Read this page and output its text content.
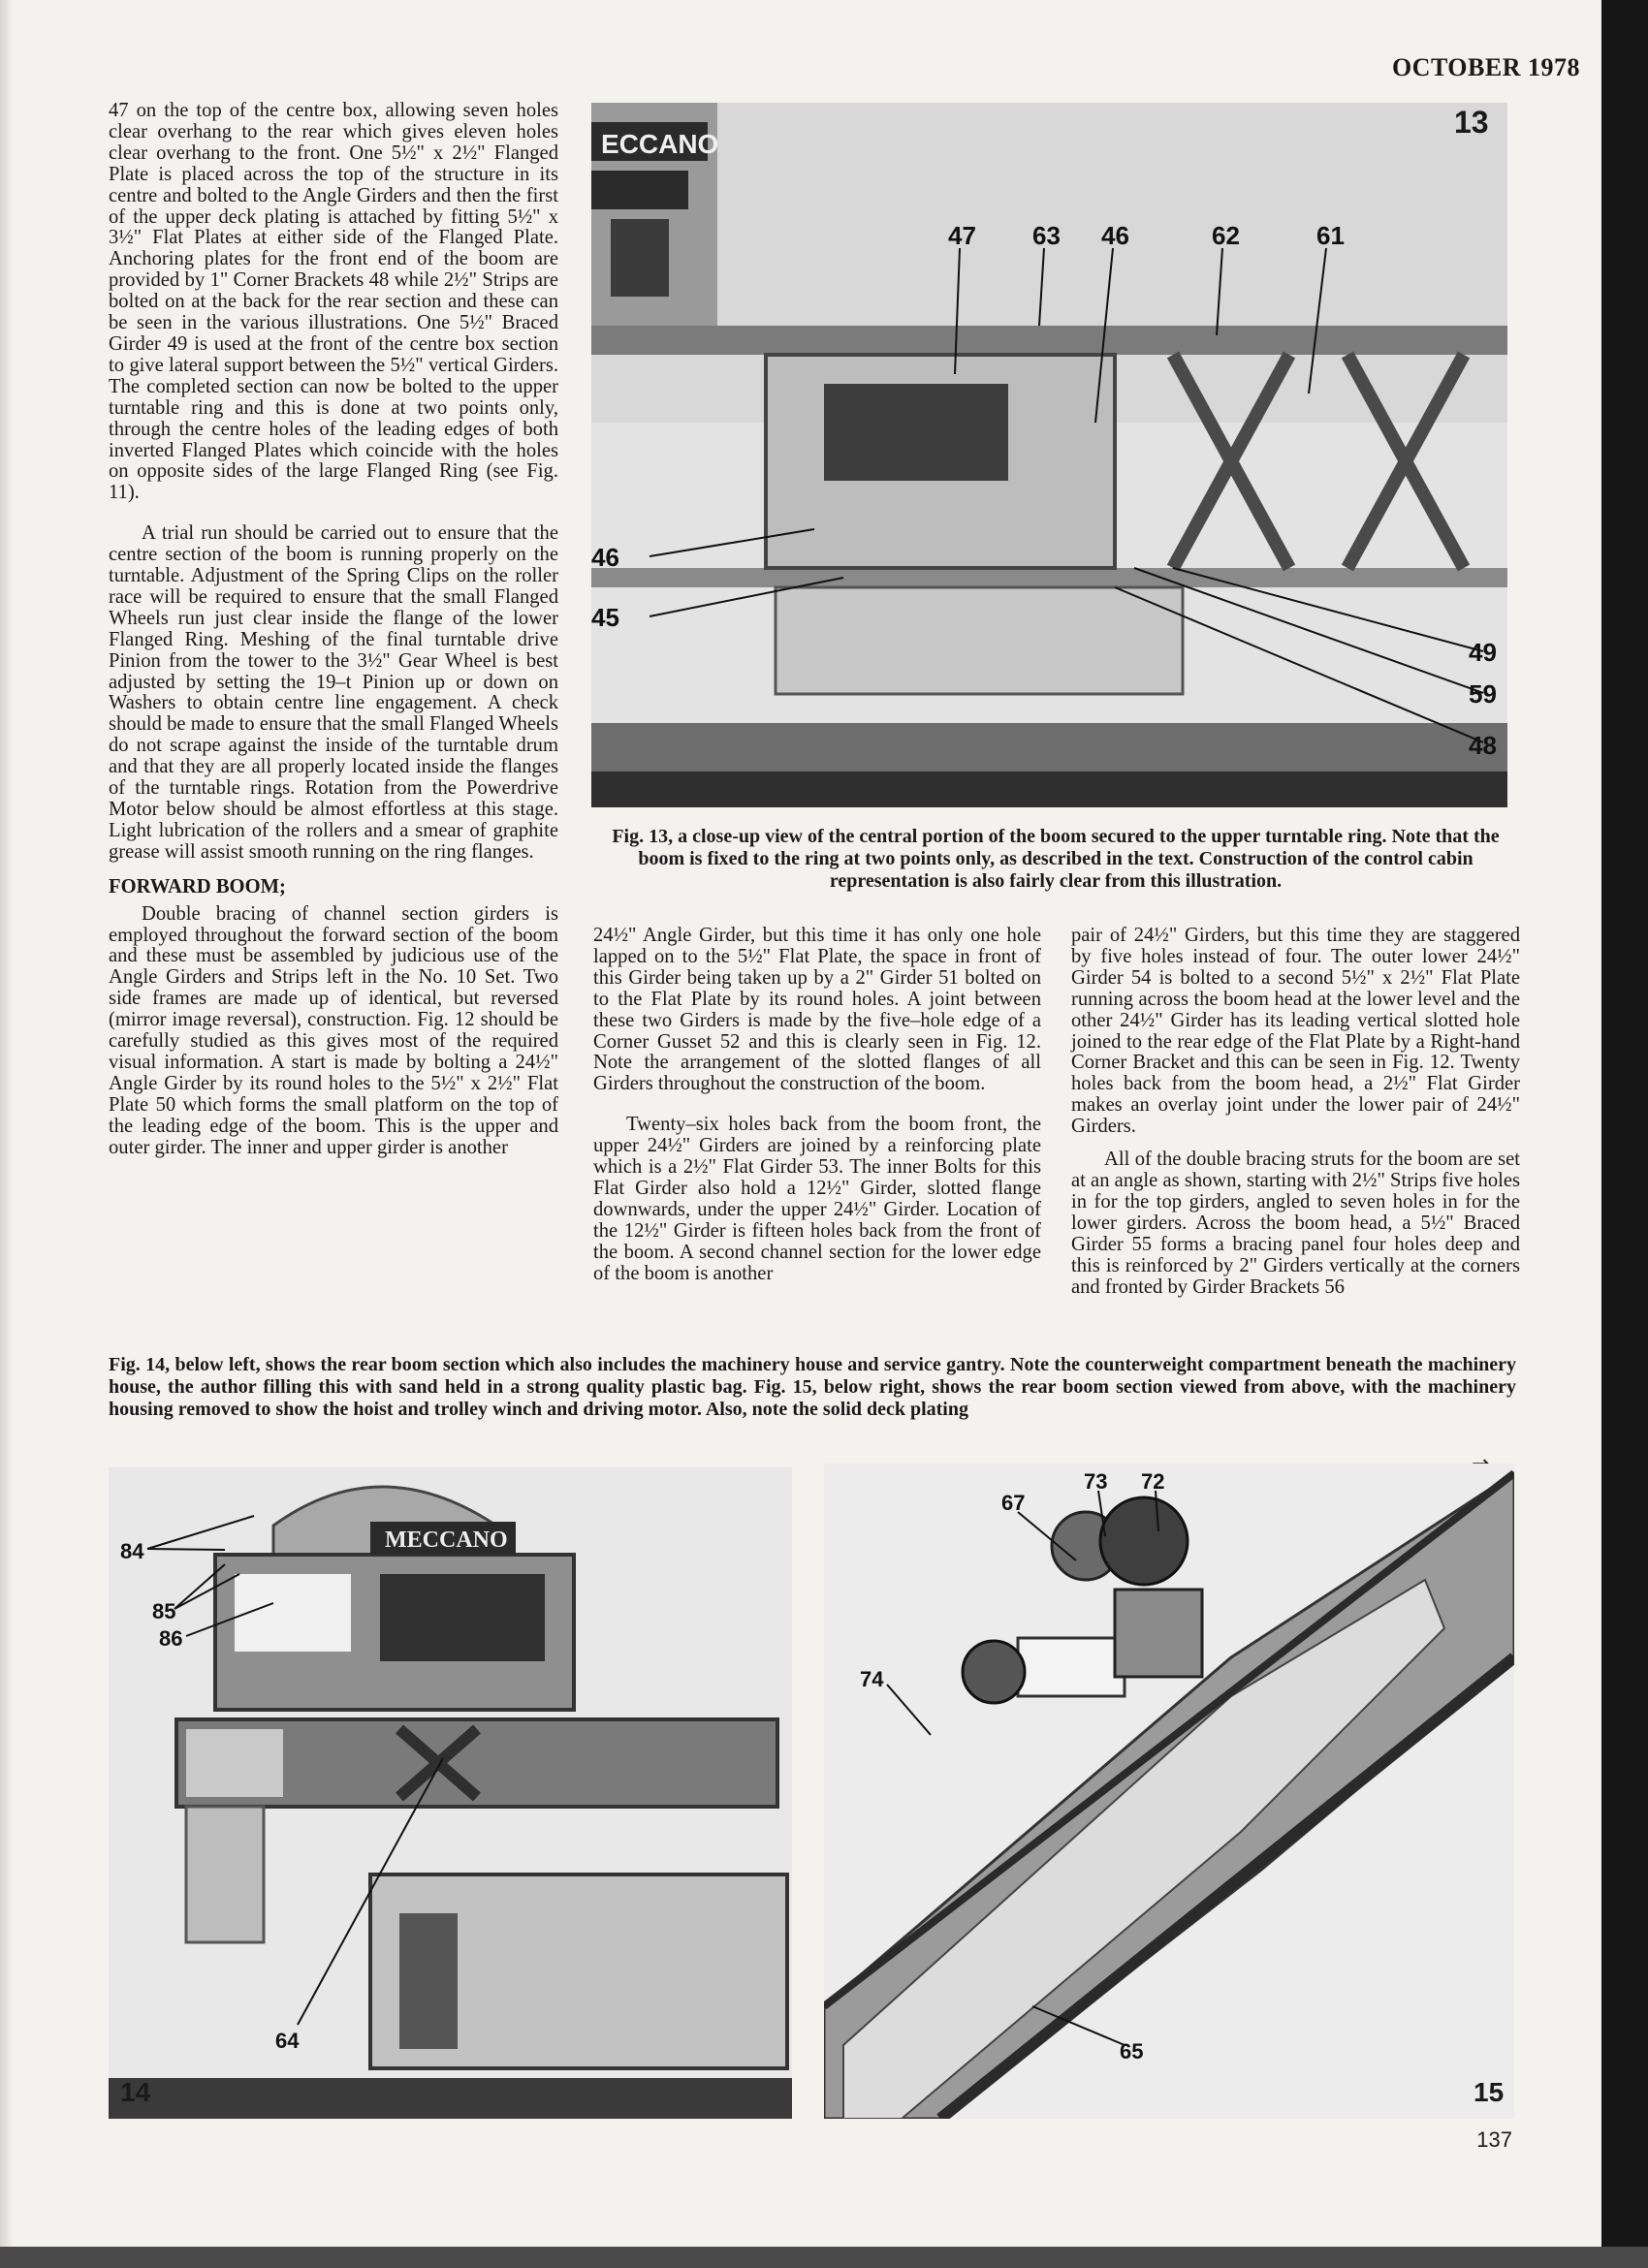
OCTOBER 1978

47 on the top of the centre box, allowing seven holes clear overhang to the rear which gives eleven holes clear overhang to the front. One 5½" x 2½" Flanged Plate is placed across the top of the structure in its centre and bolted to the Angle Girders and then the first of the upper deck plating is attached by fitting 5½" x 3½" Flat Plates at either side of the Flanged Plate. Anchoring plates for the front end of the boom are provided by 1" Corner Brackets 48 while 2½" Strips are bolted on at the back for the rear section and these can be seen in the various illustrations. One 5½" Braced Girder 49 is used at the front of the centre box section to give lateral support between the 5½" vertical Girders. The completed section can now be bolted to the upper turntable ring and this is done at two points only, through the centre holes of the leading edges of both inverted Flanged Plates which coincide with the holes on opposite sides of the large Flanged Ring (see Fig. 11).

A trial run should be carried out to ensure that the centre section of the boom is running properly on the turntable. Adjustment of the Spring Clips on the roller race will be required to ensure that the small Flanged Wheels run just clear inside the flange of the lower Flanged Ring. Meshing of the final turntable drive Pinion from the tower to the 3½" Gear Wheel is best adjusted by setting the 19–t Pinion up or down on Washers to obtain centre line engagement. A check should be made to ensure that the small Flanged Wheels do not scrape against the inside of the turntable drum and that they are all properly located inside the flanges of the turntable rings. Rotation from the Powerdrive Motor below should be almost effortless at this stage. Light lubrication of the rollers and a smear of graphite grease will assist smooth running on the ring flanges.

FORWARD BOOM;

Double bracing of channel section girders is employed throughout the forward section of the boom and these must be assembled by judicious use of the Angle Girders and Strips left in the No. 10 Set. Two side frames are made up of identical, but reversed (mirror image reversal), construction. Fig. 12 should be carefully studied as this gives most of the required visual information. A start is made by bolting a 24½" Angle Girder by its round holes to the 5½" x 2½" Flat Plate 50 which forms the small platform on the top of the leading edge of the boom. This is the upper and outer girder. The inner and upper girder is another

ECCANO
47 63 46	62	61
46
45
49
59
48
13
Fig. 13, a close-up view of the central portion of the boom secured to the upper turntable ring. Note that the boom is fixed to the ring at two points only, as described in the text. Construction of the control cabin representation is also fairly clear from this illustration.

24½" Angle Girder, but this time it has only one hole lapped on to the 5½" Flat Plate, the space in front of this Girder being taken up by a 2" Girder 51 bolted on to the Flat Plate by its round holes. A joint between these two Girders is made by the five–hole edge of a Corner Gusset 52 and this is clearly seen in Fig. 12. Note the arrangement of the slotted flanges of all Girders throughout the construction of the boom.

Twenty–six holes back from the boom front, the upper 24½" Girders are joined by a reinforcing plate which is a 2½" Flat Girder 53. The inner Bolts for this Flat Girder also hold a 12½" Girder, slotted flange downwards, under the upper 24½" Girder. Location of the 12½" Girder is fifteen holes back from the front of the boom. A second channel section for the lower edge of the boom is another

pair of 24½" Girders, but this time they are staggered by five holes instead of four. The outer lower 24½" Girder 54 is bolted to a second 5½" x 2½" Flat Plate running across the boom head at the lower level and the other 24½" Girder has its leading vertical slotted hole joined to the rear edge of the Flat Plate by a Right-hand Corner Bracket and this can be seen in Fig. 12. Twenty holes back from the boom head, a 2½" Flat Girder makes an overlay joint under the lower pair of 24½" Girders.

All of the double bracing struts for the boom are set at an angle as shown, starting with 2½" Strips five holes in for the top girders, angled to seven holes in for the lower girders. Across the boom head, a 5½" Braced Girder 55 forms a bracing panel four holes deep and this is reinforced by 2" Girders vertically at the corners and fronted by Girder Brackets 56

Fig. 14, below left, shows the rear boom section which also includes the machinery house and service gantry. Note the counterweight compartment beneath the machinery house, the author filling this with sand held in a strong quality plastic bag. Fig. 15, below right, shows the rear boom section viewed from above, with the machinery housing removed to show the hoist and trolley winch and driving motor. Also, note the solid deck plating
MECCANO
84
85
86
64
14
73 72
67
74
65
15
137
